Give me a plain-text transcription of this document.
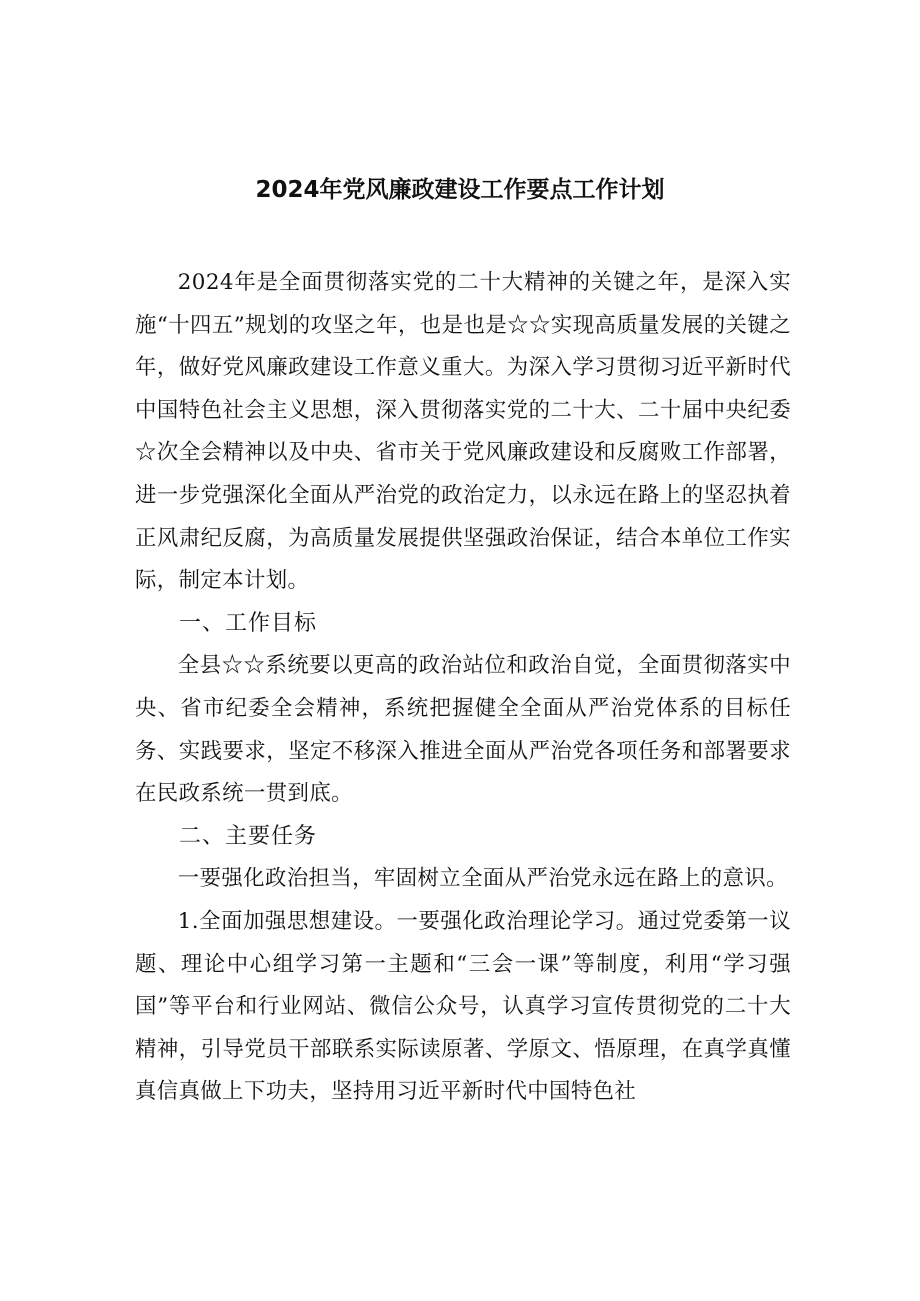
2024年党风廉政建设工作要点工作计划

2024年是全面贯彻落实党的二十大精神的关键之年，是深入实施“十四五”规划的攻坚之年，也是也是☆☆实现高质量发展的关键之年，做好党风廉政建设工作意义重大。为深入学习贯彻习近平新时代中国特色社会主义思想，深入贯彻落实党的二十大、二十届中央纪委☆次全会精神以及中央、省市关于党风廉政建设和反腐败工作部署，进一步党强深化全面从严治党的政治定力，以永远在路上的坚忍执着正风肃纪反腐，为高质量发展提供坚强政治保证，结合本单位工作实际，制定本计划。

一、工作目标

全县☆☆系统要以更高的政治站位和政治自觉，全面贯彻落实中央、省市纪委全会精神，系统把握健全全面从严治党体系的目标任务、实践要求，坚定不移深入推进全面从严治党各项任务和部署要求在民政系统一贯到底。

二、主要任务

一要强化政治担当，牢固树立全面从严治党永远在路上的意识。

1.全面加强思想建设。一要强化政治理论学习。通过党委第一议题、理论中心组学习第一主题和“三会一课”等制度，利用“学习强国”等平台和行业网站、微信公众号，认真学习宣传贯彻党的二十大精神，引导党员干部联系实际读原著、学原文、悟原理，在真学真懂真信真做上下功夫，坚持用习近平新时代中国特色社
